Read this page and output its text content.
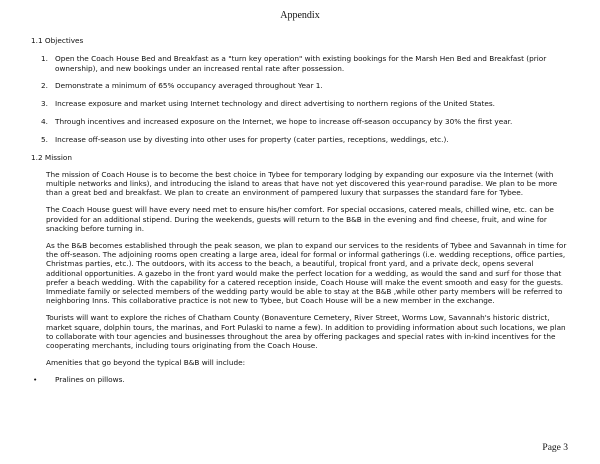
Appendix
1.1 Objectives
1. Open the Coach House Bed and Breakfast as a "turn key operation" with existing bookings for the Marsh Hen Bed and Breakfast (prior ownership), and new bookings under an increased rental rate after possession.
2. Demonstrate a minimum of 65% occupancy averaged throughout Year 1.
3. Increase exposure and market using Internet technology and direct advertising to northern regions of the United States.
4. Through incentives and increased exposure on the Internet, we hope to increase off-season occupancy by 30% the first year.
5. Increase off-season use by divesting into other uses for property (cater parties, receptions, weddings, etc.).
1.2 Mission

The mission of Coach House is to become the best choice in Tybee for temporary lodging by expanding our exposure via the Internet (with multiple networks and links), and introducing the island to areas that have not yet discovered this year-round paradise. We plan to be more than a great bed and breakfast. We plan to create an environment of pampered luxury that surpasses the standard fare for Tybee.

The Coach House guest will have every need met to ensure his/her comfort. For special occasions, catered meals, chilled wine, etc. can be provided for an additional stipend. During the weekends, guests will return to the B&B in the evening and find cheese, fruit, and wine for snacking before turning in.

As the B&B becomes established through the peak season, we plan to expand our services to the residents of Tybee and Savannah in time for the off-season. The adjoining rooms open creating a large area, ideal for formal or informal gatherings (i.e. wedding receptions, office parties, Christmas parties, etc.). The outdoors, with its access to the beach, a beautiful, tropical front yard, and a private deck, opens several additional opportunities. A gazebo in the front yard would make the perfect location for a wedding, as would the sand and surf for those that prefer a beach wedding. With the capability for a catered reception inside, Coach House will make the event smooth and easy for the guests. Immediate family or selected members of the wedding party would be able to stay at the B&B ,while other party members will be referred to neighboring Inns. This collaborative practice is not new to Tybee, but Coach House will be a new member in the exchange.

Tourists will want to explore the riches of Chatham County (Bonaventure Cemetery, River Street, Worms Low, Savannah's historic district, market square, dolphin tours, the marinas, and Fort Pulaski to name a few). In addition to providing information about such locations, we plan to collaborate with tour agencies and businesses throughout the area by offering packages and special rates with in-kind incentives for the cooperating merchants, including tours originating from the Coach House.

Amenities that go beyond the typical B&B will include:

• Pralines on pillows.
Page 3
